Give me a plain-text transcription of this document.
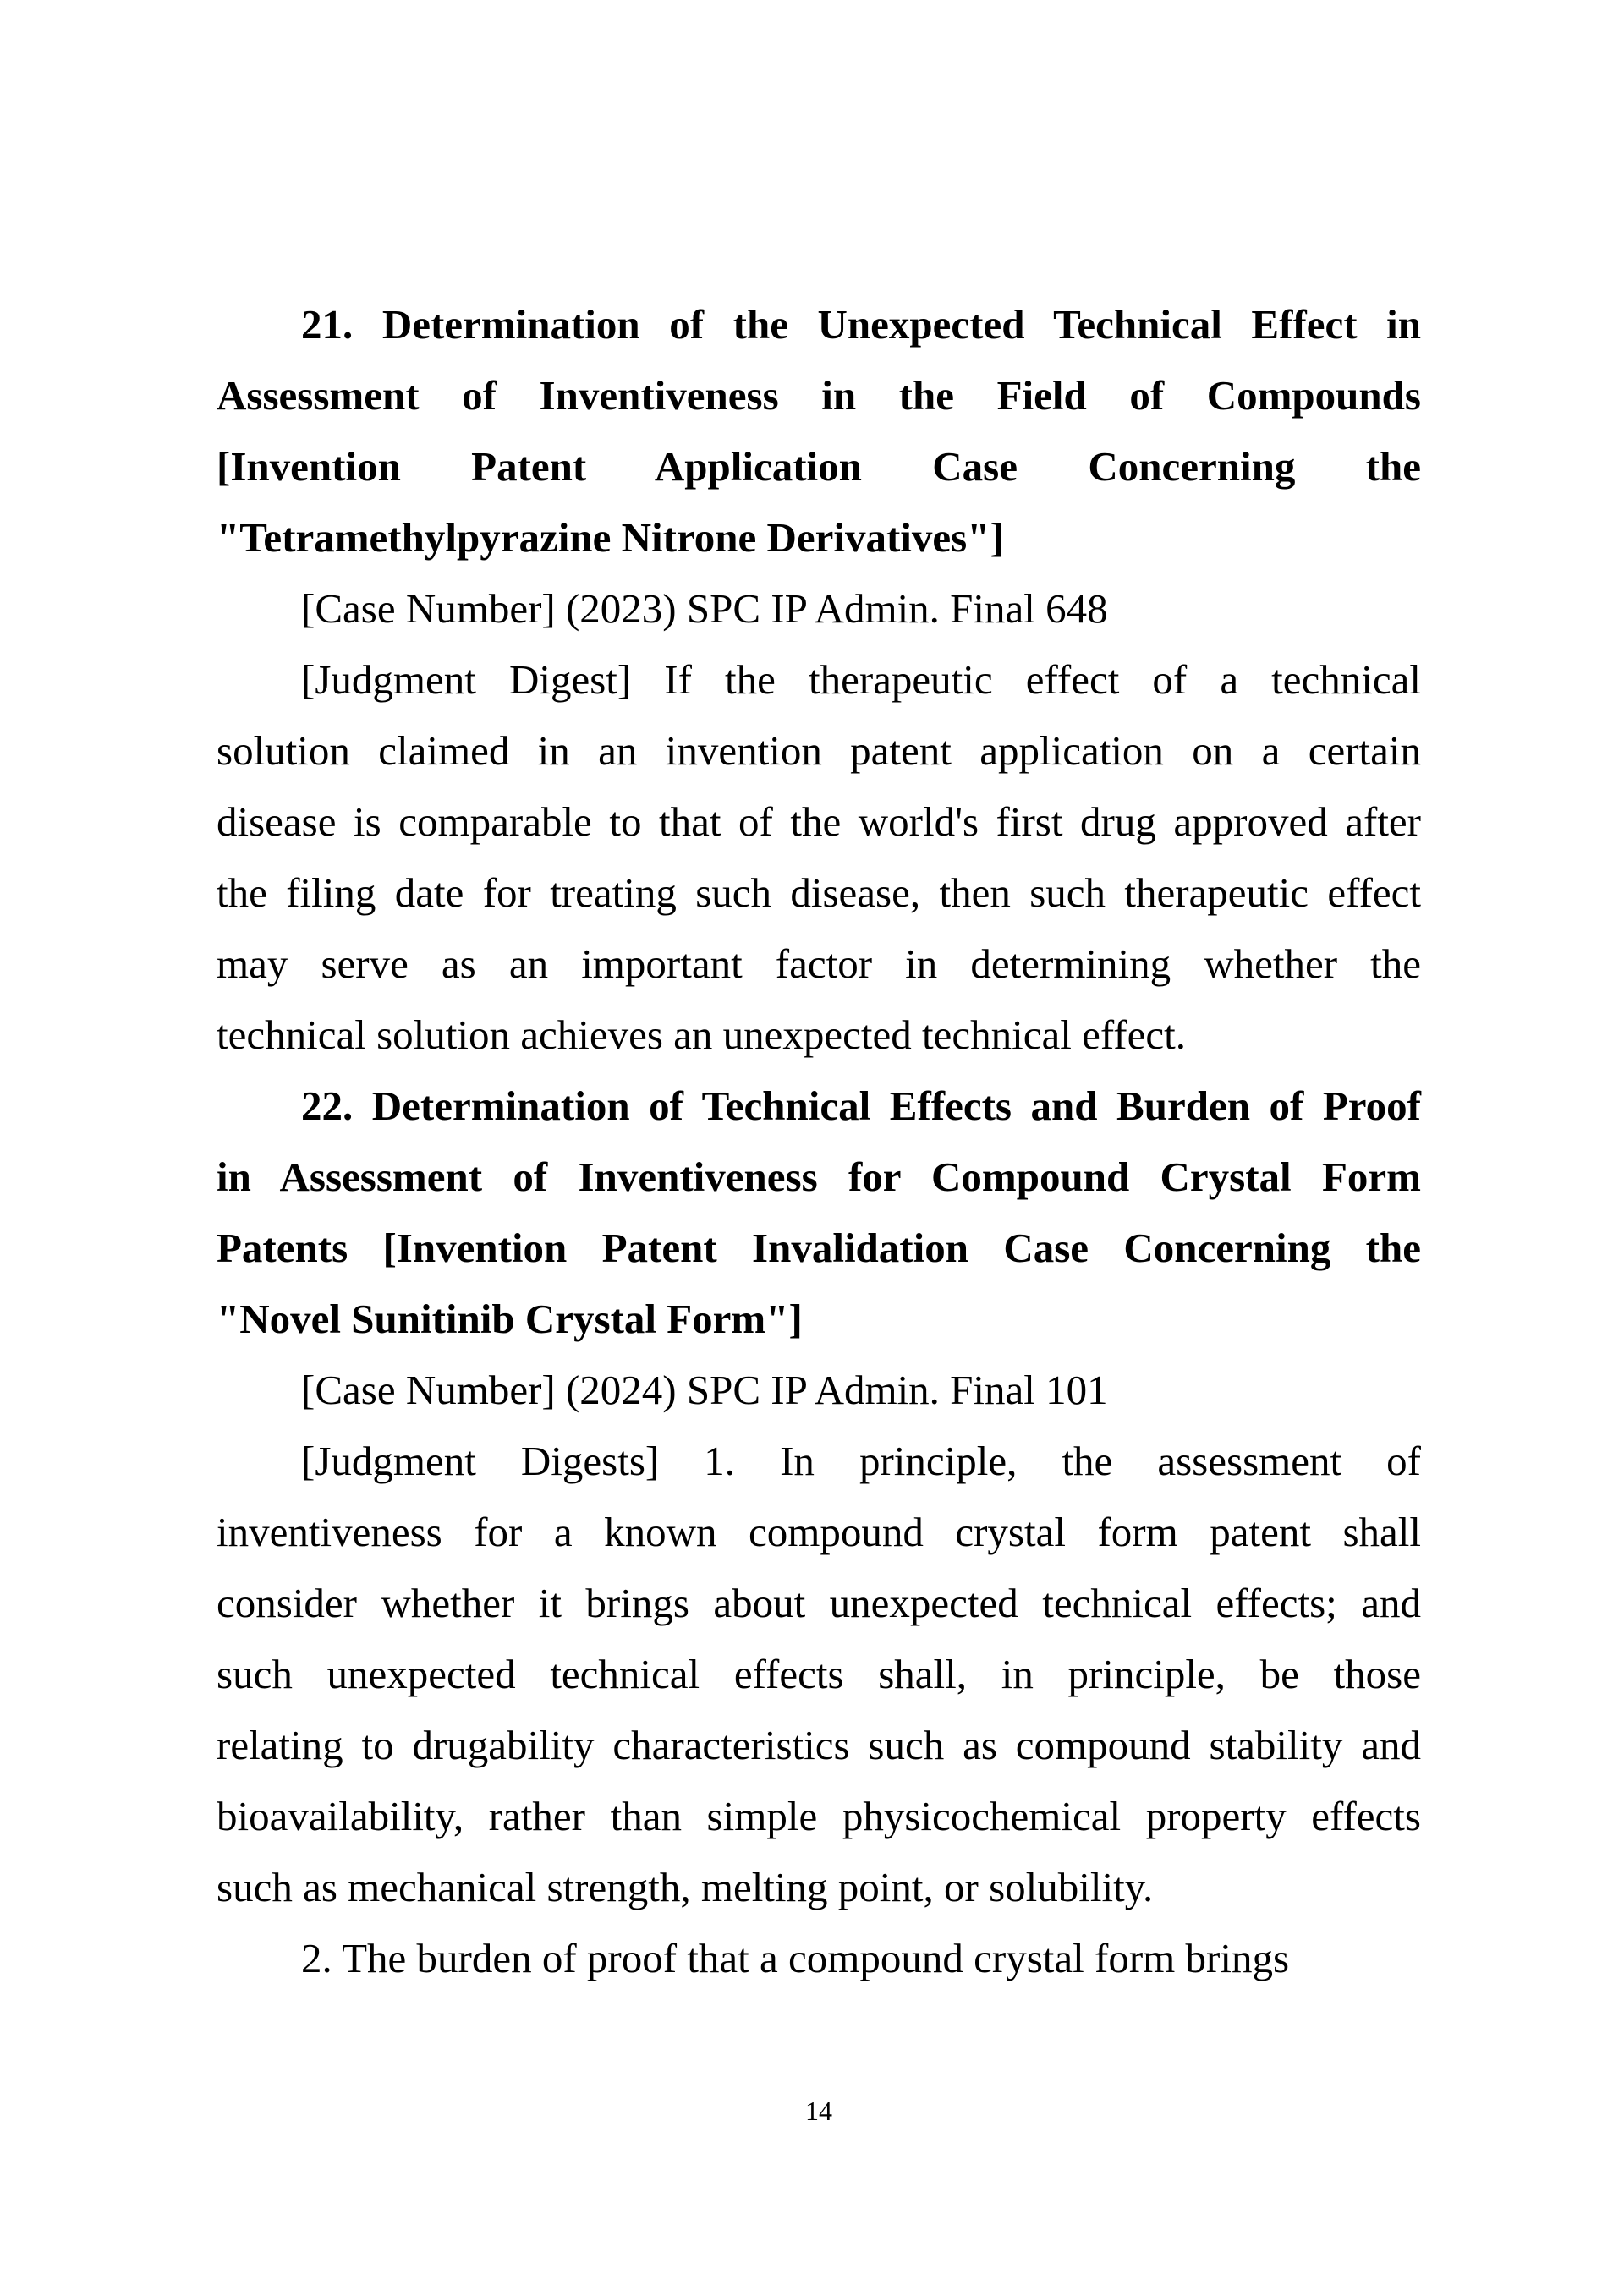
21. Determination of the Unexpected Technical Effect in
Assessment of Inventiveness in the Field of Compounds
[Invention Patent Application Case Concerning the
"Tetramethylpyrazine Nitrone Derivatives"]
[Case Number] (2023) SPC IP Admin. Final 648
[Judgment Digest] If the therapeutic effect of a technical
solution claimed in an invention patent application on a certain
disease is comparable to that of the world's first drug approved after
the filing date for treating such disease, then such therapeutic effect
may serve as an important factor in determining whether the
technical solution achieves an unexpected technical effect.
22. Determination of Technical Effects and Burden of Proof
in Assessment of Inventiveness for Compound Crystal Form
Patents [Invention Patent Invalidation Case Concerning the
"Novel Sunitinib Crystal Form"]
[Case Number] (2024) SPC IP Admin. Final 101
[Judgment Digests] 1. In principle, the assessment of
inventiveness for a known compound crystal form patent shall
consider whether it brings about unexpected technical effects; and
such unexpected technical effects shall, in principle, be those
relating to drugability characteristics such as compound stability and
bioavailability, rather than simple physicochemical property effects
such as mechanical strength, melting point, or solubility.
2. The burden of proof that a compound crystal form brings
14
